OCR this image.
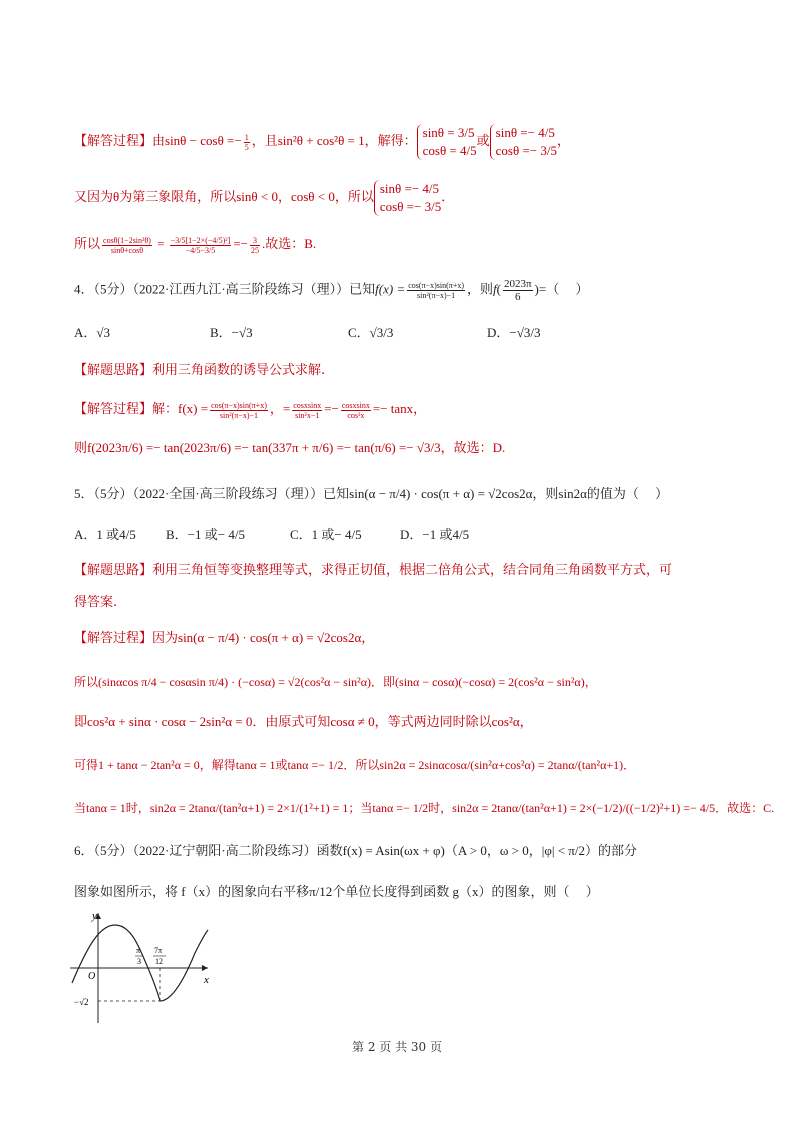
【解答过程】由$\sin\theta - \cos\theta =- \frac{1}{5}$ ，且sin²θ + cos²θ = 1，解得：
sinθ = 3/5
cosθ = 4/5
或
sinθ =− 4/5
cosθ =− 3/5
，
又因为θ为第三象限角，所以sinθ < 0，cosθ < 0，所以
sinθ =− 4/5
cosθ =− 3/5
．
所以 $\frac{\text{cosθ(1−2sin²θ)}}{\sin\theta+\cos\theta} = \frac{\text{−3/5[1−2×(−4/5)²]}}{-4/5-3/5} =- \frac{3}{25}$ .故选：B.
4．（5分）（2022·江西九江·高三阶段练习（理））已知$f(x) = \frac{\cos(\pi-x)\sin(\pi+x)}{\text{sin²(π−x)−1}}$ ，则$f( \frac{2023\pi}{6}$ )=（　 ）
A．√3	B．−√3	C．√3/3	D．−√3/3
【解题思路】利用三角函数的诱导公式求解.
【解答过程】解：$f(x) = \frac{\cos(\pi-x)\sin(\pi+x)}{\text{sin²(π−x)−1}}$ ，= $\frac{\text{cosxsinx}}{\text{sin²x−1}} =- \frac{\text{cosxsinx}}{\text{cos²x}} =- \tan x$，
则f(2023π/6) =− tan(2023π/6) =− tan(337π + π/6) =− tan(π/6) =− √3/3，故选：D.
5．（5分）（2022·全国·高三阶段练习（理））已知sin(α − π/4) · cos(π + α) = √2cos2α，则sin2α的值为（　 ）
A．1 或4/5 B．−1 或− 4/5	C．1 或− 4/5	D．−1 或4/5
【解题思路】利用三角恒等变换整理等式，求得正切值，根据二倍角公式，结合同角三角函数平方式，可
得答案.
【解答过程】因为sin(α − π/4) · cos(π + α) = √2cos2α，
所以(sinαcos π/4 − cosαsin π/4) · (−cosα) = √2(cos²α − sin²α)．即(sinα − cosα)(−cosα) = 2(cos²α − sin²α)，
即cos²α + sinα · cosα − 2sin²α = 0．由原式可知cosα ≠ 0，等式两边同时除以cos²α，
可得1 + tanα − 2tan²α = 0，解得tanα = 1或tanα =− 1/2．所以sin2α = 2sinαcosα/(sin²α+cos²α) = 2tanα/(tan²α+1)．
当tanα = 1时，sin2α = 2tanα/(tan²α+1) = 2×1/(1²+1) = 1；当tanα =− 1/2时，sin2α = 2tanα/(tan²α+1) = 2×(−1/2)/((−1/2)²+1) =− 4/5．故选：C.
6．（5分）（2022·辽宁朝阳·高二阶段练习）函数f(x) = Asin(ωx + φ)（A > 0，ω > 0，|φ| < π/2）的部分
图象如图所示，将 f（x）的图象向右平移π/12个单位长度得到函数 g（x）的图象，则（　 ）
y
x
O
π
3
7π
12
−√2
第 2 页 共 30 页
